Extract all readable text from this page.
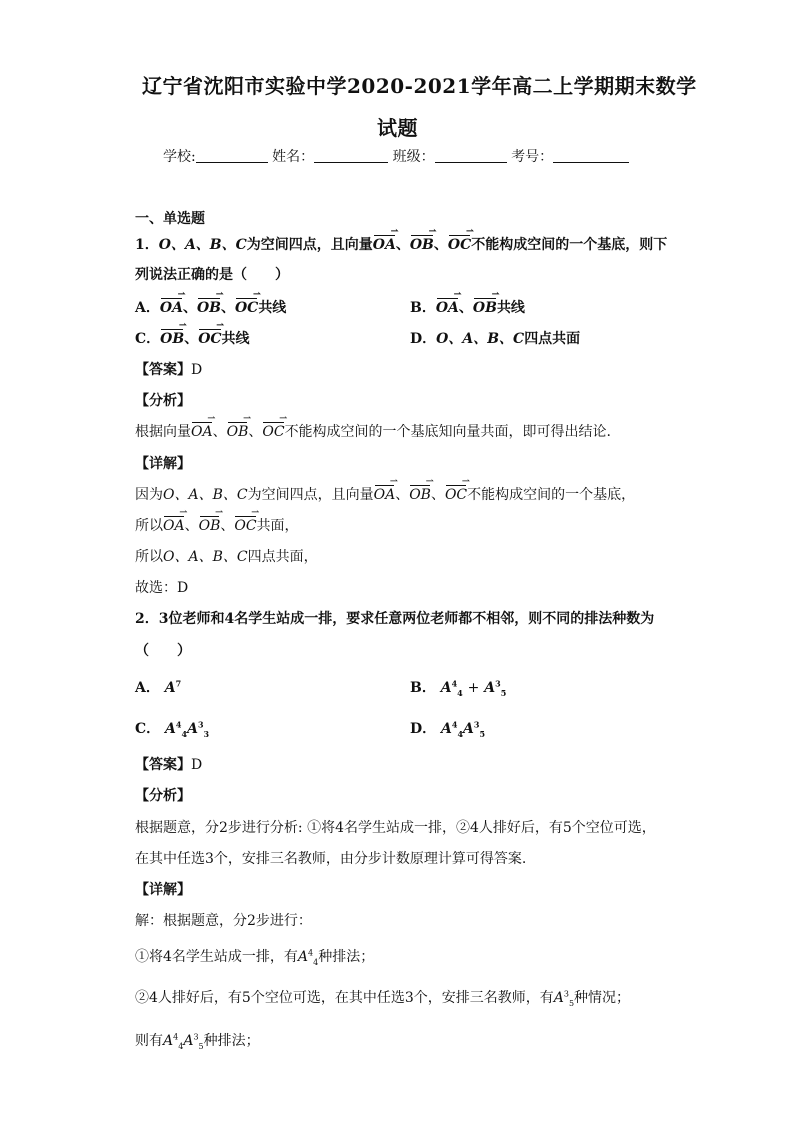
辽宁省沈阳市实验中学2020-2021学年高二上学期期末数学
试题
学校:	姓名：	班级：	考号：
一、单选题
1．O、A、B、C为空间四点，且向量OA ⇀、OB ⇀、OC ⇀不能构成空间的一个基底，则下
列说法正确的是（　　）
A．OA ⇀、OB ⇀、OC ⇀共线	B．OA ⇀、OB ⇀共线
C．OB ⇀、OC ⇀共线	D．O、A、B、C四点共面
【答案】D
【分析】
根据向量OA ⇀、OB ⇀、OC ⇀不能构成空间的一个基底知向量共面，即可得出结论.
【详解】
因为O、A、B、C为空间四点，且向量OA ⇀、OB ⇀、OC ⇀不能构成空间的一个基底，
所以OA ⇀、OB ⇀、OC ⇀共面，
所以O、A、B、C四点共面，
故选：D
2．3位老师和4名学生站成一排，要求任意两位老师都不相邻，则不同的排法种数为
（　　）
A． $A^7$	B． $A^4_4 + A^3_5$
C． $A^4_4A^3_3$	D． $A^4_4A^3_5$
【答案】D
【分析】
根据题意，分2步进行分析: ①将4名学生站成一排，②4人排好后，有5个空位可选，
在其中任选3个，安排三名教师，由分步计数原理计算可得答案.
【详解】
解：根据题意，分2步进行：
①将4名学生站成一排，有$A^4_4$种排法；
②4人排好后，有5个空位可选，在其中任选3个，安排三名教师，有$A^3_5$种情况；
则有$A^4_4A^3_5$种排法；
